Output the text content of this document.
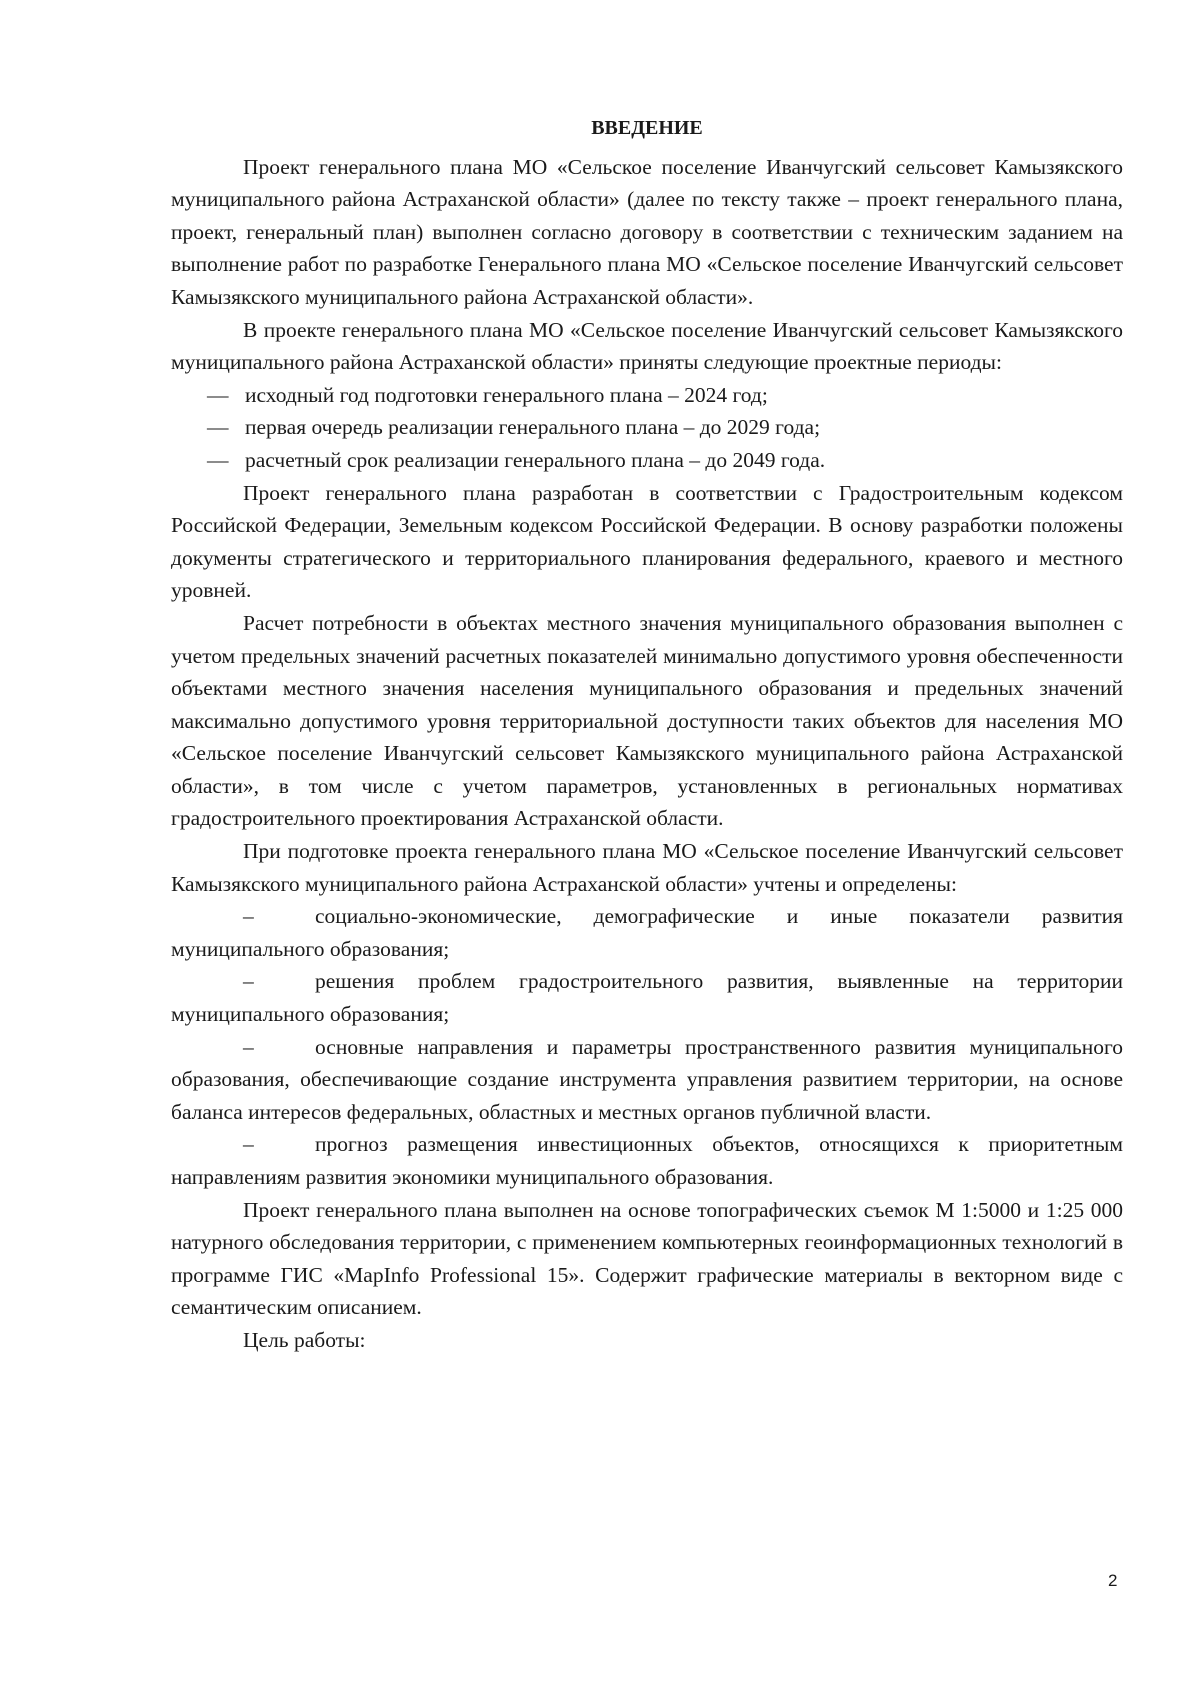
ВВЕДЕНИЕ

Проект генерального плана МО «Сельское поселение Иванчугский сельсовет Камызякского муниципального района Астраханской области» (далее по тексту также – проект генерального плана, проект, генеральный план) выполнен согласно договору в соответствии с техническим заданием на выполнение работ по разработке Генерального плана МО «Сельское поселение Иванчугский сельсовет Камызякского муниципального района Астраханской области».

В проекте генерального плана МО «Сельское поселение Иванчугский сельсовет Камызякского муниципального района Астраханской области» приняты следующие проектные периоды:

— исходный год подготовки генерального плана – 2024 год;
— первая очередь реализации генерального плана – до 2029 года;
— расчетный срок реализации генерального плана – до 2049 года.

Проект генерального плана разработан в соответствии с Градостроительным кодексом Российской Федерации, Земельным кодексом Российской Федерации. В основу разработки положены документы стратегического и территориального планирования федерального, краевого и местного уровней.

Расчет потребности в объектах местного значения муниципального образования выполнен с учетом предельных значений расчетных показателей минимально допустимого уровня обеспеченности объектами местного значения населения муниципального образования и предельных значений максимально допустимого уровня территориальной доступности таких объектов для населения МО «Сельское поселение Иванчугский сельсовет Камызякского муниципального района Астраханской области», в том числе с учетом параметров, установленных в региональных нормативах градостроительного проектирования Астраханской области.

При подготовке проекта генерального плана МО «Сельское поселение Иванчугский сельсовет Камызякского муниципального района Астраханской области» учтены и определены:

–	социально-экономические, демографические и иные показатели развития муниципального образования;
–	решения проблем градостроительного развития, выявленные на территории муниципального образования;
–	основные направления и параметры пространственного развития муниципального образования, обеспечивающие создание инструмента управления развитием территории, на основе баланса интересов федеральных, областных и местных органов публичной власти.
–	прогноз размещения инвестиционных объектов, относящихся к приоритетным направлениям развития экономики муниципального образования.

Проект генерального плана выполнен на основе топографических съемок М 1:5000 и 1:25 000 натурного обследования территории, с применением компьютерных геоинформационных технологий в программе ГИС «MapInfo Professional 15». Содержит графические материалы в векторном виде с семантическим описанием.

Цель работы:

2
